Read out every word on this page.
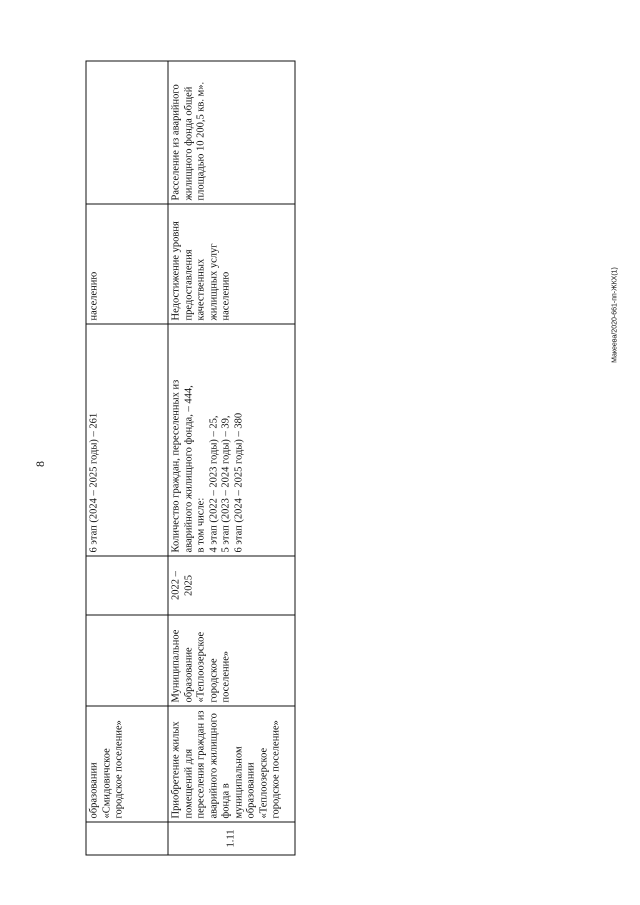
8
Макеева/2020-661-пп-ЖКХ(1)
	образовании «Смидовичское городское поселение»			6 этап (2024 – 2025 годы) – 261	населению	
1.11	Приобретение жилых помещений для переселения граждан из аварийного жилищного фонда в муниципальном образовании «Теплоозерское городское поселение»	Муниципальное образование «Теплоозерское городское поселение»	2022 – 2025	Количество граждан, переселенных из аварийного жилищного фонда, – 444, в том числе: 4 этап (2022 – 2023 годы) – 25, 5 этап (2023 – 2024 годы) – 39, 6 этап (2024 – 2025 годы) – 380	Недостижение уровня предоставления качественных жилищных услуг населению	Расселение из аварийного жилищного фонда общей площадью 10 200,5 кв. м».
